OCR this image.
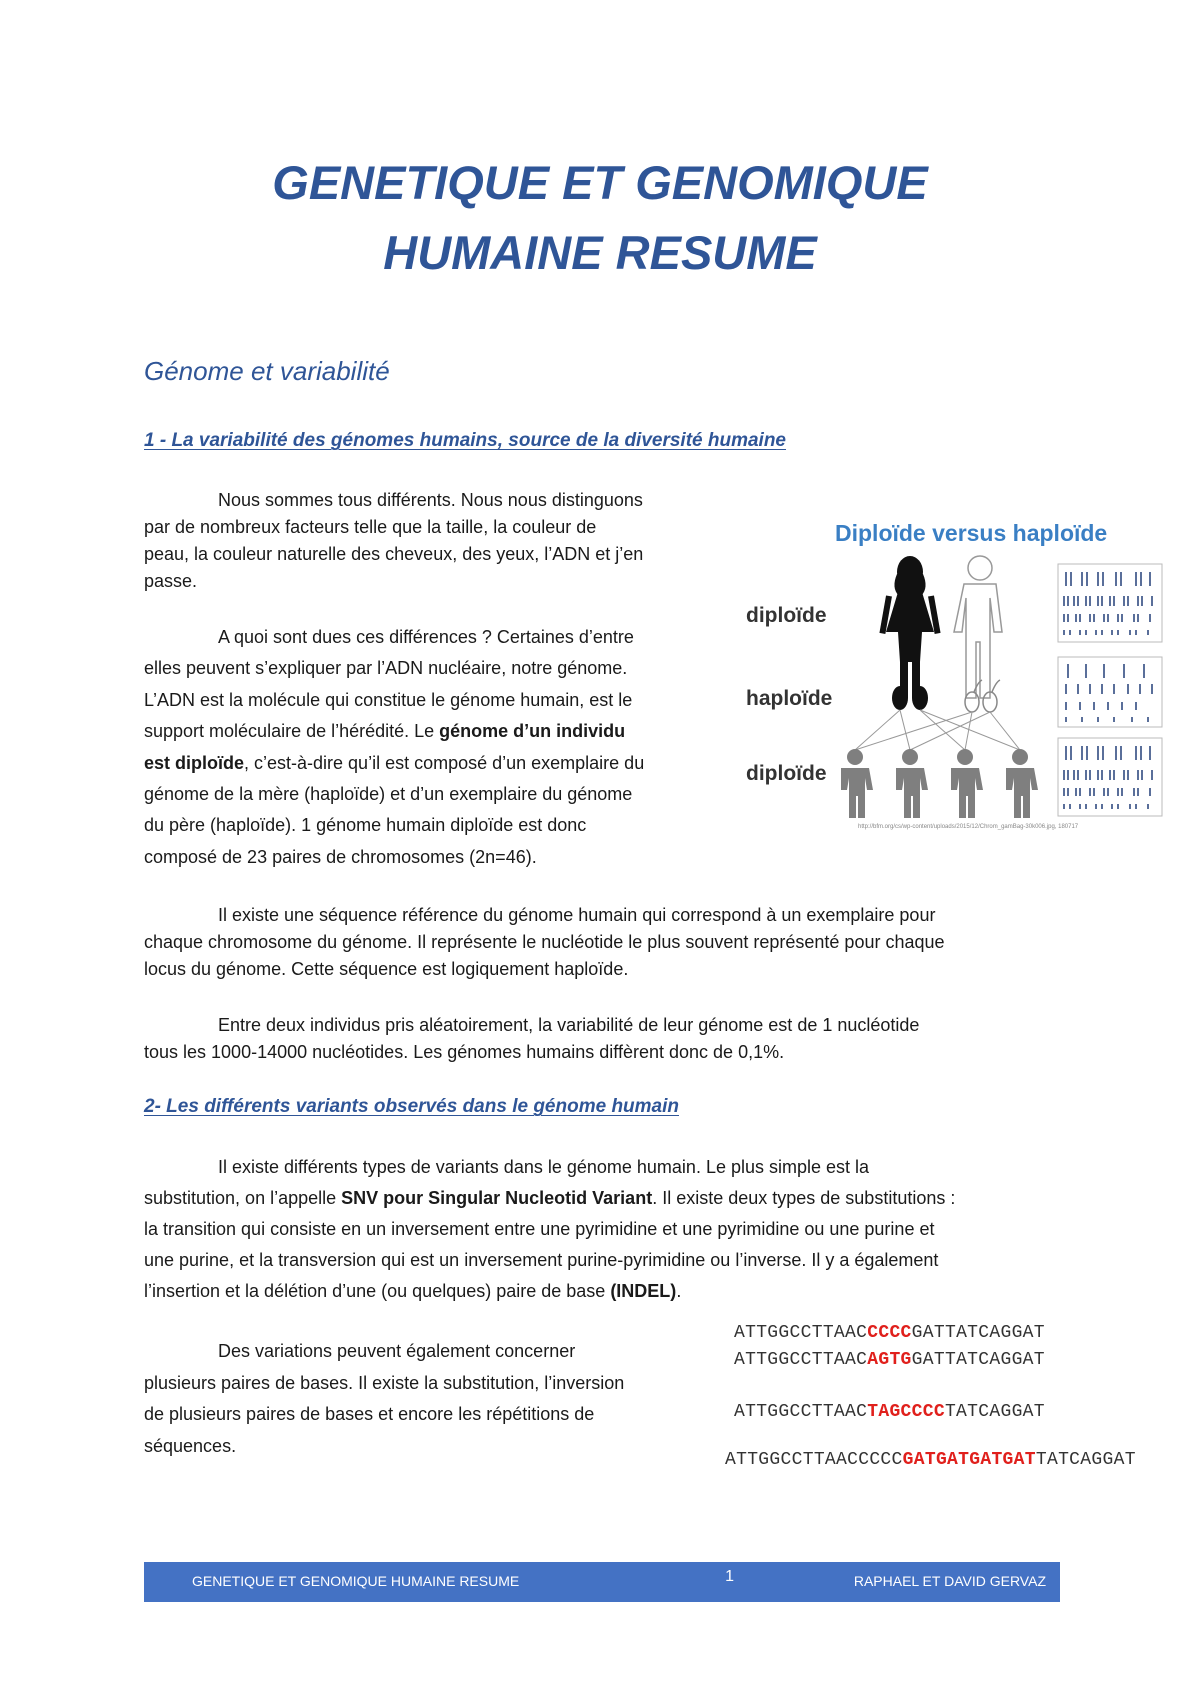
GENETIQUE ET GENOMIQUE
HUMAINE RESUME
Génome et variabilité
1 - La variabilité des génomes humains, source de la diversité humaine

Nous sommes tous différents. Nous nous distinguons
par de nombreux facteurs telle que la taille, la couleur de
peau, la couleur naturelle des cheveux, des yeux, l’ADN et j’en
passe.

A quoi sont dues ces différences ? Certaines d’entre
elles peuvent s’expliquer par l’ADN nucléaire, notre génome.
L’ADN est la molécule qui constitue le génome humain, est le
support moléculaire de l’hérédité. Le génome d’un individu
est diploïde, c’est-à-dire qu’il est composé d’un exemplaire du
génome de la mère (haploïde) et d’un exemplaire du génome
du père (haploïde). 1 génome humain diploïde est donc
composé de 23 paires de chromosomes (2n=46).

Diploïde versus haploïde
diploïde
haploïde
diploïde
http://bfm.org/cs/wp-content/uploads/2015/12/Chrom_gamBag-30k006.jpg, 180717

Il existe une séquence référence du génome humain qui correspond à un exemplaire pour
chaque chromosome du génome. Il représente le nucléotide le plus souvent représenté pour chaque
locus du génome. Cette séquence est logiquement haploïde.

Entre deux individus pris aléatoirement, la variabilité de leur génome est de 1 nucléotide
tous les 1000-14000 nucléotides. Les génomes humains diffèrent donc de 0,1%.

2- Les différents variants observés dans le génome humain

Il existe différents types de variants dans le génome humain. Le plus simple est la
substitution, on l’appelle SNV pour Singular Nucleotid Variant. Il existe deux types de substitutions :
la transition qui consiste en un inversement entre une pyrimidine et une pyrimidine ou une purine et
une purine, et la transversion qui est un inversement purine-pyrimidine ou l’inverse. Il y a également
l’insertion et la délétion d’une (ou quelques) paire de base (INDEL).

Des variations peuvent également concerner
plusieurs paires de bases. Il existe la substitution, l’inversion
de plusieurs paires de bases et encore les répétitions de
séquences.

ATTGGCCTTAACCCCCGATTATCAGGAT
ATTGGCCTTAACAGTGGATTATCAGGAT
ATTGGCCTTAACTAGCCCCTATCAGGAT
ATTGGCCTTAACCCCCGATGATGATGATTATCAGGAT
GENETIQUE ET GENOMIQUE HUMAINE RESUME	1	RAPHAEL ET DAVID GERVAZ
